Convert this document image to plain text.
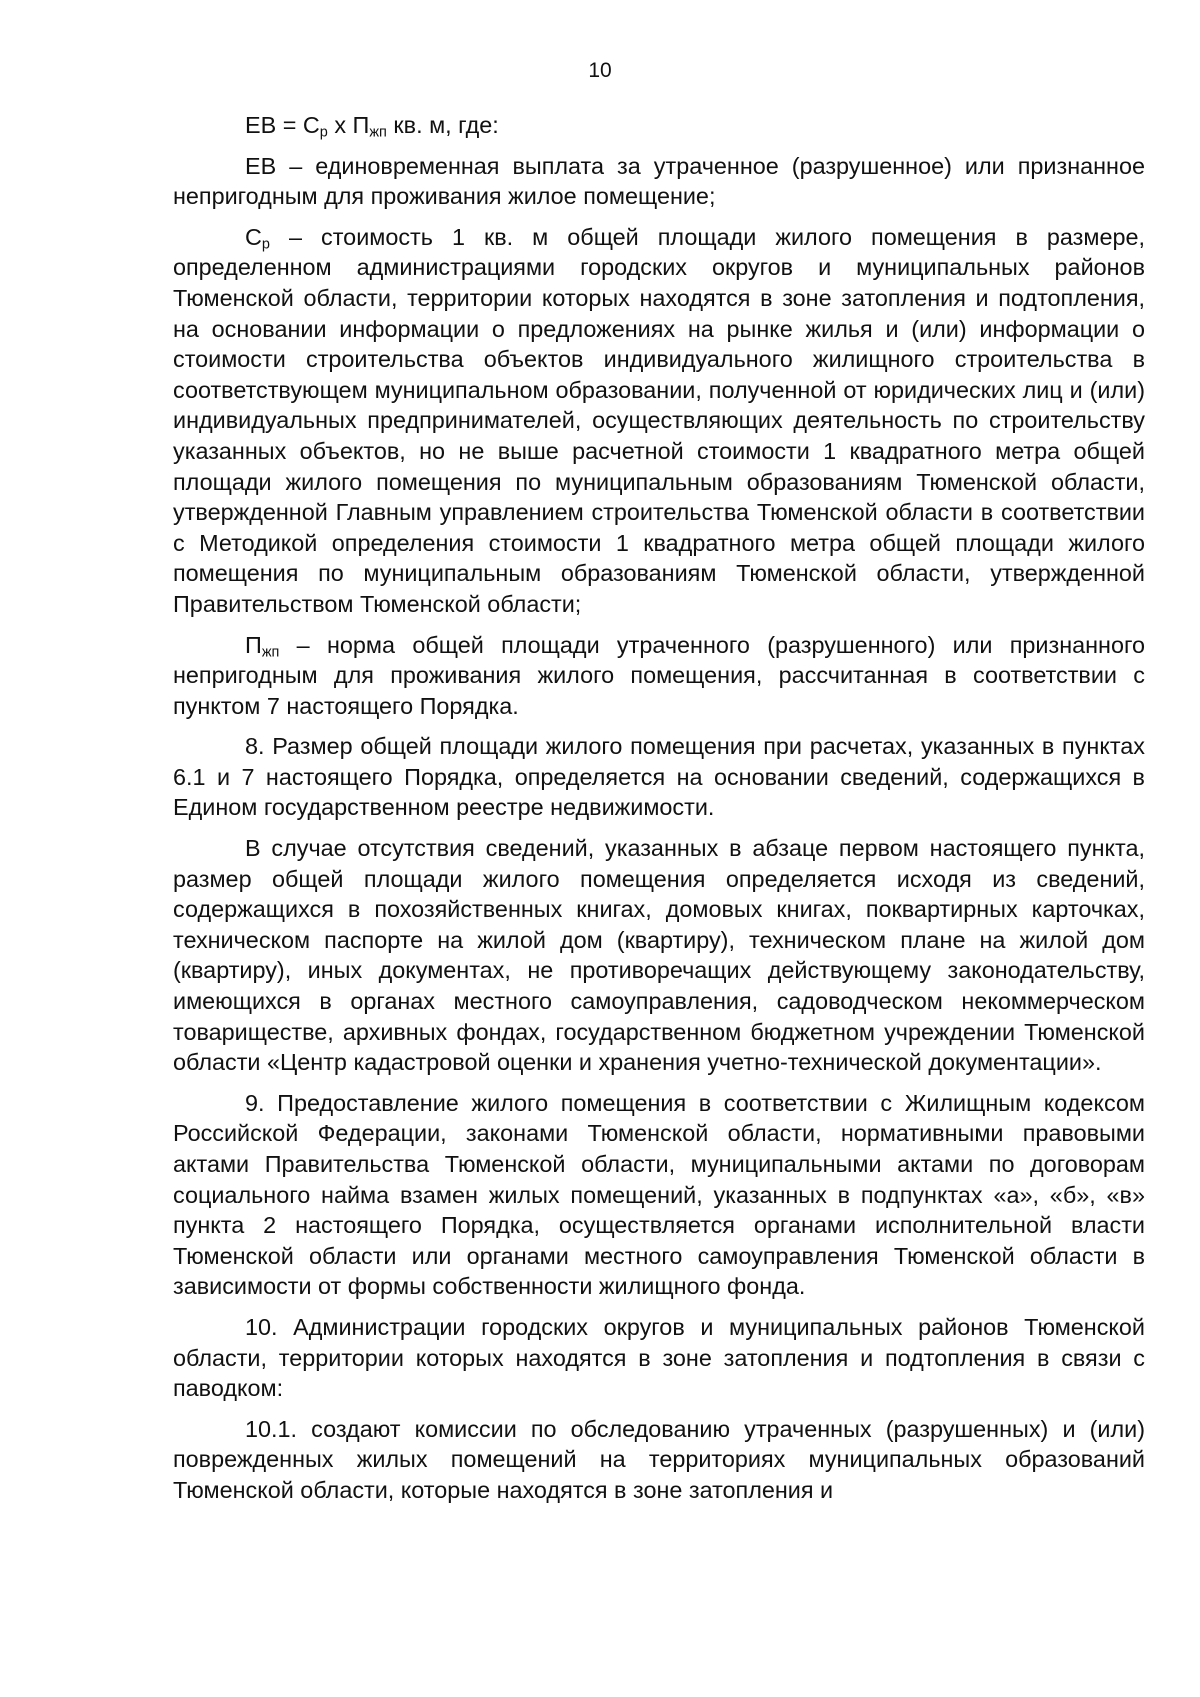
10

ЕВ = $С_р$ х $П_{жп}$ кв. м, где:

ЕВ – единовременная выплата за утраченное (разрушенное) или признанное непригодным для проживания жилое помещение;

$С_р$ – стоимость 1 кв. м общей площади жилого помещения в размере, определенном администрациями городских округов и муниципальных районов Тюменской области, территории которых находятся в зоне затопления и подтопления, на основании информации о предложениях на рынке жилья и (или) информации о стоимости строительства объектов индивидуального жилищного строительства в соответствующем муниципальном образовании, полученной от юридических лиц и (или) индивидуальных предпринимателей, осуществляющих деятельность по строительству указанных объектов, но не выше расчетной стоимости 1 квадратного метра общей площади жилого помещения по муниципальным образованиям Тюменской области, утвержденной Главным управлением строительства Тюменской области в соответствии с Методикой определения стоимости 1 квадратного метра общей площади жилого помещения по муниципальным образованиям Тюменской области, утвержденной Правительством Тюменской области;

$П_{жп}$ – норма общей площади утраченного (разрушенного) или признанного непригодным для проживания жилого помещения, рассчитанная в соответствии с пунктом 7 настоящего Порядка.

8. Размер общей площади жилого помещения при расчетах, указанных в пунктах 6.1 и 7 настоящего Порядка, определяется на основании сведений, содержащихся в Едином государственном реестре недвижимости.

В случае отсутствия сведений, указанных в абзаце первом настоящего пункта, размер общей площади жилого помещения определяется исходя из сведений, содержащихся в похозяйственных книгах, домовых книгах, поквартирных карточках, техническом паспорте на жилой дом (квартиру), техническом плане на жилой дом (квартиру), иных документах, не противоречащих действующему законодательству, имеющихся в органах местного самоуправления, садоводческом некоммерческом товариществе, архивных фондах, государственном бюджетном учреждении Тюменской области «Центр кадастровой оценки и хранения учетно-технической документации».

9. Предоставление жилого помещения в соответствии с Жилищным кодексом Российской Федерации, законами Тюменской области, нормативными правовыми актами Правительства Тюменской области, муниципальными актами по договорам социального найма взамен жилых помещений, указанных в подпунктах «а», «б», «в» пункта 2 настоящего Порядка, осуществляется органами исполнительной власти Тюменской области или органами местного самоуправления Тюменской области в зависимости от формы собственности жилищного фонда.

10. Администрации городских округов и муниципальных районов Тюменской области, территории которых находятся в зоне затопления и подтопления в связи с паводком:

10.1. создают комиссии по обследованию утраченных (разрушенных) и (или) поврежденных жилых помещений на территориях муниципальных образований Тюменской области, которые находятся в зоне затопления и
